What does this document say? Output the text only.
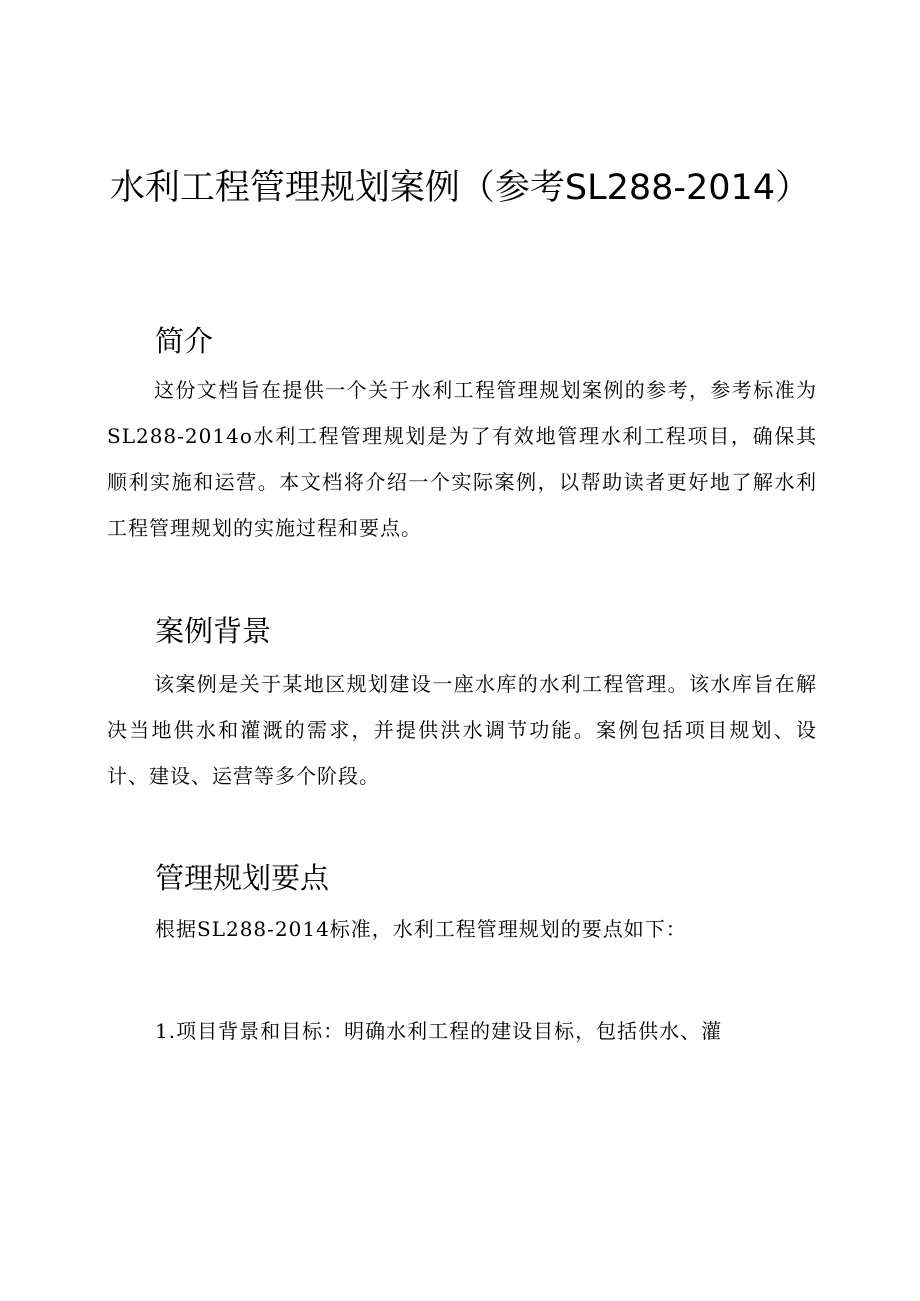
水利工程管理规划案例（参考SL288-2014）
简介

这份文档旨在提供一个关于水利工程管理规划案例的参考，参考标准为SL288-2014o水利工程管理规划是为了有效地管理水利工程项目，确保其顺利实施和运营。本文档将介绍一个实际案例，以帮助读者更好地了解水利工程管理规划的实施过程和要点。

案例背景

该案例是关于某地区规划建设一座水库的水利工程管理。该水库旨在解决当地供水和灌溉的需求，并提供洪水调节功能。案例包括项目规划、设计、建设、运营等多个阶段。

管理规划要点

根据SL288-2014标准，水利工程管理规划的要点如下：

1.项目背景和目标：明确水利工程的建设目标，包括供水、灌
